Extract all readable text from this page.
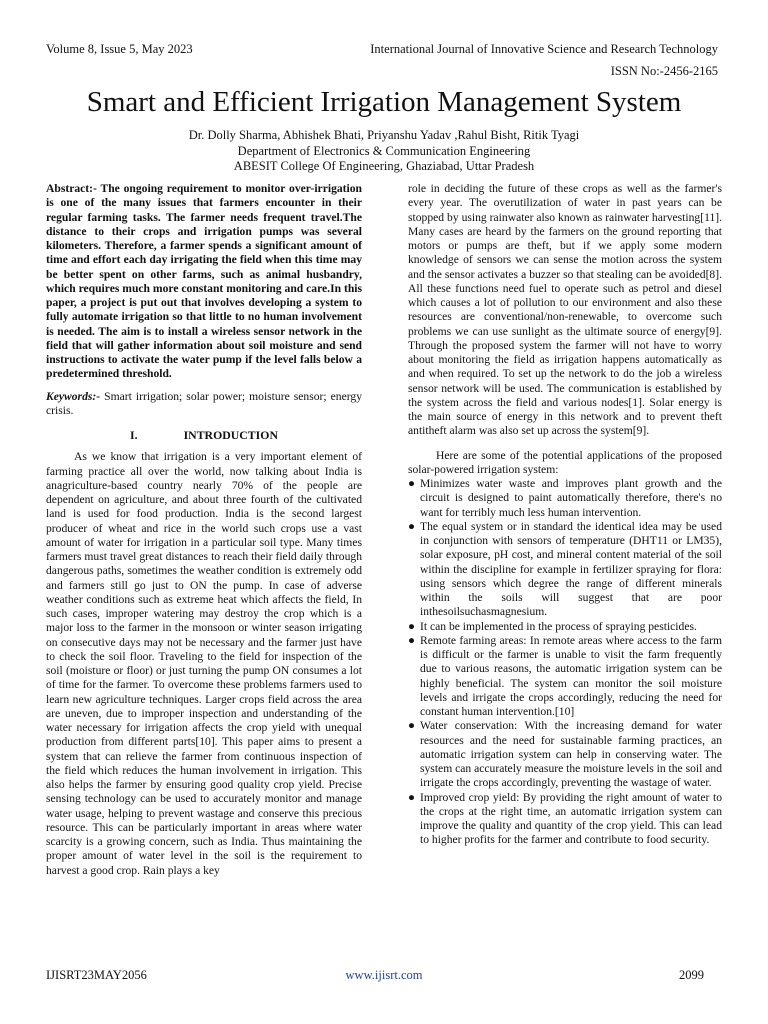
Volume 8, Issue 5, May 2023	International Journal of Innovative Science and Research Technology
ISSN No:-2456-2165
Smart and Efficient Irrigation Management System
Dr. Dolly Sharma, Abhishek Bhati, Priyanshu Yadav ,Rahul Bisht, Ritik Tyagi
Department of Electronics & Communication Engineering
ABESIT College Of Engineering, Ghaziabad, Uttar Pradesh

Abstract:- The ongoing requirement to monitor over-irrigation is one of the many issues that farmers encounter in their regular farming tasks. The farmer needs frequent travel.The distance to their crops and irrigation pumps was several kilometers. Therefore, a farmer spends a significant amount of time and effort each day irrigating the field when this time may be better spent on other farms, such as animal husbandry, which requires much more constant monitoring and care.In this paper, a project is put out that involves developing a system to fully automate irrigation so that little to no human involvement is needed. The aim is to install a wireless sensor network in the field that will gather information about soil moisture and send instructions to activate the water pump if the level falls below a predetermined threshold.

Keywords:- Smart irrigation; solar power; moisture sensor; energy crisis.

I.	INTRODUCTION

As we know that irrigation is a very important element of farming practice all over the world, now talking about India is anagriculture-based country nearly 70% of the people are dependent on agriculture, and about three fourth of the cultivated land is used for food production. India is the second largest producer of wheat and rice in the world such crops use a vast amount of water for irrigation in a particular soil type. Many times farmers must travel great distances to reach their field daily through dangerous paths, sometimes the weather condition is extremely odd and farmers still go just to ON the pump. In case of adverse weather conditions such as extreme heat which affects the field, In such cases, improper watering may destroy the crop which is a major loss to the farmer in the monsoon or winter season irrigating on consecutive days may not be necessary and the farmer just have to check the soil floor. Traveling to the field for inspection of the soil (moisture or floor) or just turning the pump ON consumes a lot of time for the farmer. To overcome these problems farmers used to learn new agriculture techniques. Larger crops field across the area are uneven, due to improper inspection and understanding of the water necessary for irrigation affects the crop yield with unequal production from different parts[10]. This paper aims to present a system that can relieve the farmer from continuous inspection of the field which reduces the human involvement in irrigation. This also helps the farmer by ensuring good quality crop yield. Precise sensing technology can be used to accurately monitor and manage water usage, helping to prevent wastage and conserve this precious resource. This can be particularly important in areas where water scarcity is a growing concern, such as India. Thus maintaining the proper amount of water level in the soil is the requirement to harvest a good crop. Rain plays a key

role in deciding the future of these crops as well as the farmer's every year. The overutilization of water in past years can be stopped by using rainwater also known as rainwater harvesting[11]. Many cases are heard by the farmers on the ground reporting that motors or pumps are theft, but if we apply some modern knowledge of sensors we can sense the motion across the system and the sensor activates a buzzer so that stealing can be avoided[8]. All these functions need fuel to operate such as petrol and diesel which causes a lot of pollution to our environment and also these resources are conventional/non-renewable, to overcome such problems we can use sunlight as the ultimate source of energy[9]. Through the proposed system the farmer will not have to worry about monitoring the field as irrigation happens automatically as and when required. To set up the network to do the job a wireless sensor network will be used. The communication is established by the system across the field and various nodes[1]. Solar energy is the main source of energy in this network and to prevent theft antitheft alarm was also set up across the system[9].

Here are some of the potential applications of the proposed solar-powered irrigation system:

● Minimizes water waste and improves plant growth and the circuit is designed to paint automatically therefore, there's no want for terribly much less human intervention.
● The equal system or in standard the identical idea may be used in conjunction with sensors of temperature (DHT11 or LM35), solar exposure, pH cost, and mineral content material of the soil within the discipline for example in fertilizer spraying for flora: using sensors which degree the range of different minerals within the soils will suggest that are poor inthesoilsuchasmagnesium.
● It can be implemented in the process of spraying pesticides.
● Remote farming areas: In remote areas where access to the farm is difficult or the farmer is unable to visit the farm frequently due to various reasons, the automatic irrigation system can be highly beneficial. The system can monitor the soil moisture levels and irrigate the crops accordingly, reducing the need for constant human intervention.[10]
● Water conservation: With the increasing demand for water resources and the need for sustainable farming practices, an automatic irrigation system can help in conserving water. The system can accurately measure the moisture levels in the soil and irrigate the crops accordingly, preventing the wastage of water.
● Improved crop yield: By providing the right amount of water to the crops at the right time, an automatic irrigation system can improve the quality and quantity of the crop yield. This can lead to higher profits for the farmer and contribute to food security.
IJISRT23MAY2056	www.ijisrt.com	2099
